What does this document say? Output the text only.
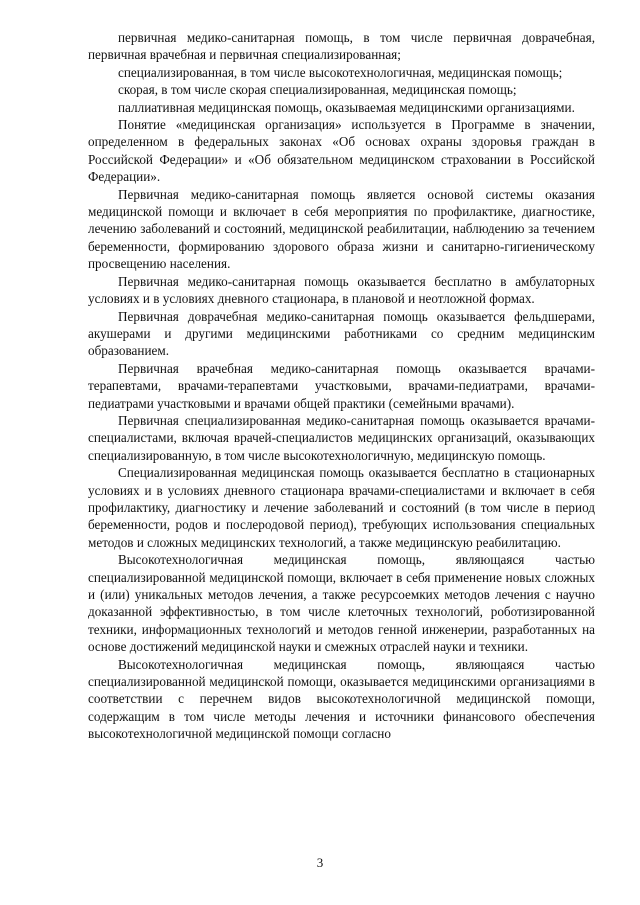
первичная медико-санитарная помощь, в том числе первичная доврачебная, первичная врачебная и первичная специализированная;

специализированная, в том числе высокотехнологичная, медицинская помощь;

скорая, в том числе скорая специализированная, медицинская помощь;

паллиативная медицинская помощь, оказываемая медицинскими организациями.

Понятие «медицинская организация» используется в Программе в значении, определенном в федеральных законах «Об основах охраны здоровья граждан в Российской Федерации» и «Об обязательном медицинском страховании в Российской Федерации».

Первичная медико-санитарная помощь является основой системы оказания медицинской помощи и включает в себя мероприятия по профилактике, диагностике, лечению заболеваний и состояний, медицинской реабилитации, наблюдению за течением беременности, формированию здорового образа жизни и санитарно-гигиеническому просвещению населения.

Первичная медико-санитарная помощь оказывается бесплатно в амбулаторных условиях и в условиях дневного стационара, в плановой и неотложной формах.

Первичная доврачебная медико-санитарная помощь оказывается фельдшерами, акушерами и другими медицинскими работниками со средним медицинским образованием.

Первичная врачебная медико-санитарная помощь оказывается врачами-терапевтами, врачами-терапевтами участковыми, врачами-педиатрами, врачами-педиатрами участковыми и врачами общей практики (семейными врачами).

Первичная специализированная медико-санитарная помощь оказывается врачами-специалистами, включая врачей-специалистов медицинских организаций, оказывающих специализированную, в том числе высокотехнологичную, медицинскую помощь.

Специализированная медицинская помощь оказывается бесплатно в стационарных условиях и в условиях дневного стационара врачами-специалистами и включает в себя профилактику, диагностику и лечение заболеваний и состояний (в том числе в период беременности, родов и послеродовой период), требующих использования специальных методов и сложных медицинских технологий, а также медицинскую реабилитацию.

Высокотехнологичная медицинская помощь, являющаяся частью специализированной медицинской помощи, включает в себя применение новых сложных и (или) уникальных методов лечения, а также ресурсоемких методов лечения с научно доказанной эффективностью, в том числе клеточных технологий, роботизированной техники, информационных технологий и методов генной инженерии, разработанных на основе достижений медицинской науки и смежных отраслей науки и техники.

Высокотехнологичная медицинская помощь, являющаяся частью специализированной медицинской помощи, оказывается медицинскими организациями в соответствии с перечнем видов высокотехнологичной медицинской помощи, содержащим в том числе методы лечения и источники финансового обеспечения высокотехнологичной медицинской помощи согласно

3
